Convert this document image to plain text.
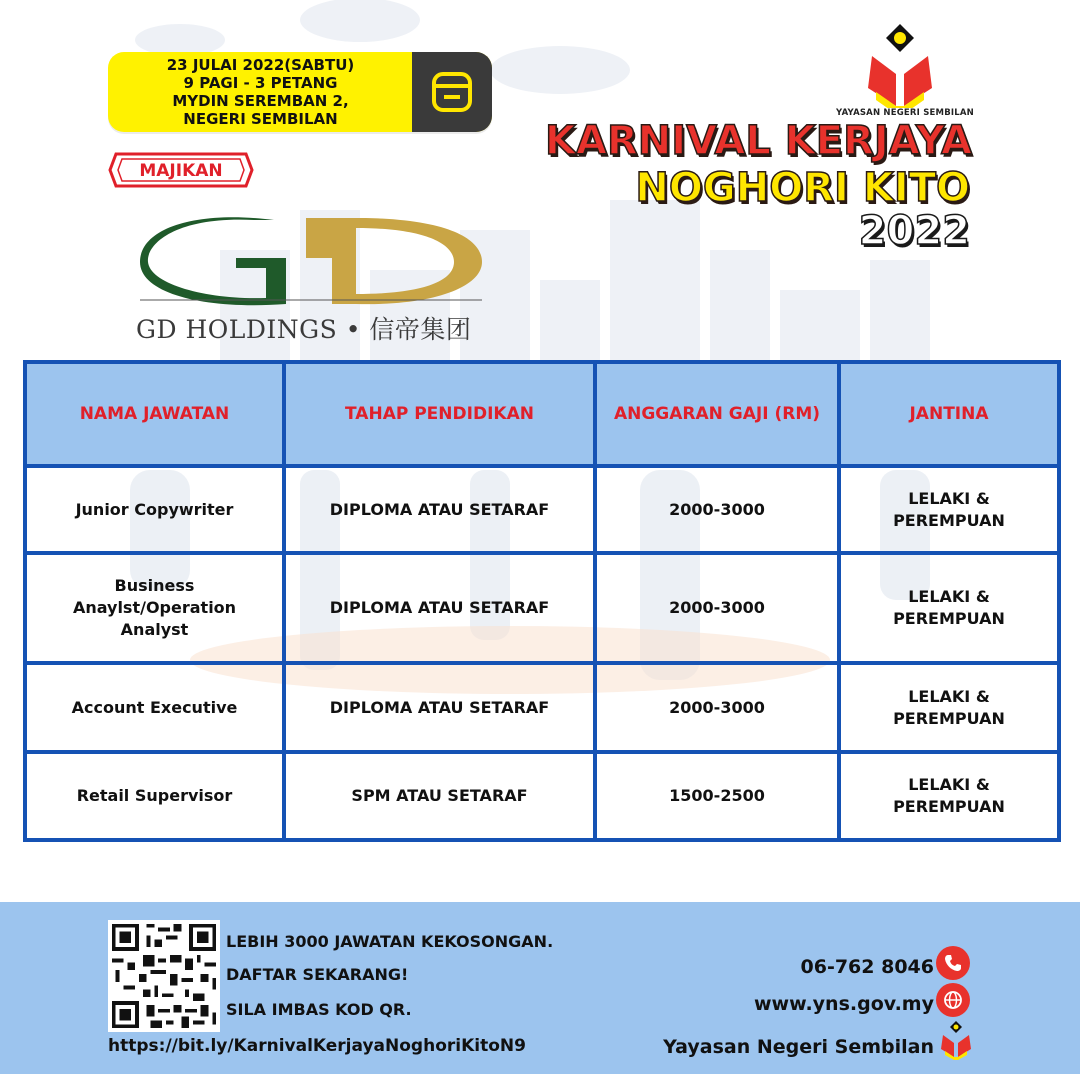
23 JULAI 2022(SABTU)
9 PAGI - 3 PETANG
MYDIN SEREMBAN 2,
NEGERI SEMBILAN
MAJIKAN
YAYASAN NEGERI SEMBILAN
KARNIVAL KERJAYA
NOGHORI KITO
2022
GD HOLDINGS • 信帝集团
NAMA JAWATAN	TAHAP PENDIDIKAN	ANGGARAN GAJI (RM)	JANTINA
Junior Copywriter	DIPLOMA ATAU SETARAF	2000-3000	LELAKI & PEREMPUAN
Business Anaylst/Operation Analyst	DIPLOMA ATAU SETARAF	2000-3000	LELAKI & PEREMPUAN
Account Executive	DIPLOMA ATAU SETARAF	2000-3000	LELAKI & PEREMPUAN
Retail Supervisor	SPM ATAU SETARAF	1500-2500	LELAKI & PEREMPUAN
LEBIH 3000 JAWATAN KEKOSONGAN.
DAFTAR SEKARANG!
SILA IMBAS KOD QR.
https://bit.ly/KarnivalKerjayaNoghoriKitoN9
06-762 8046
www.yns.gov.my
Yayasan Negeri Sembilan
